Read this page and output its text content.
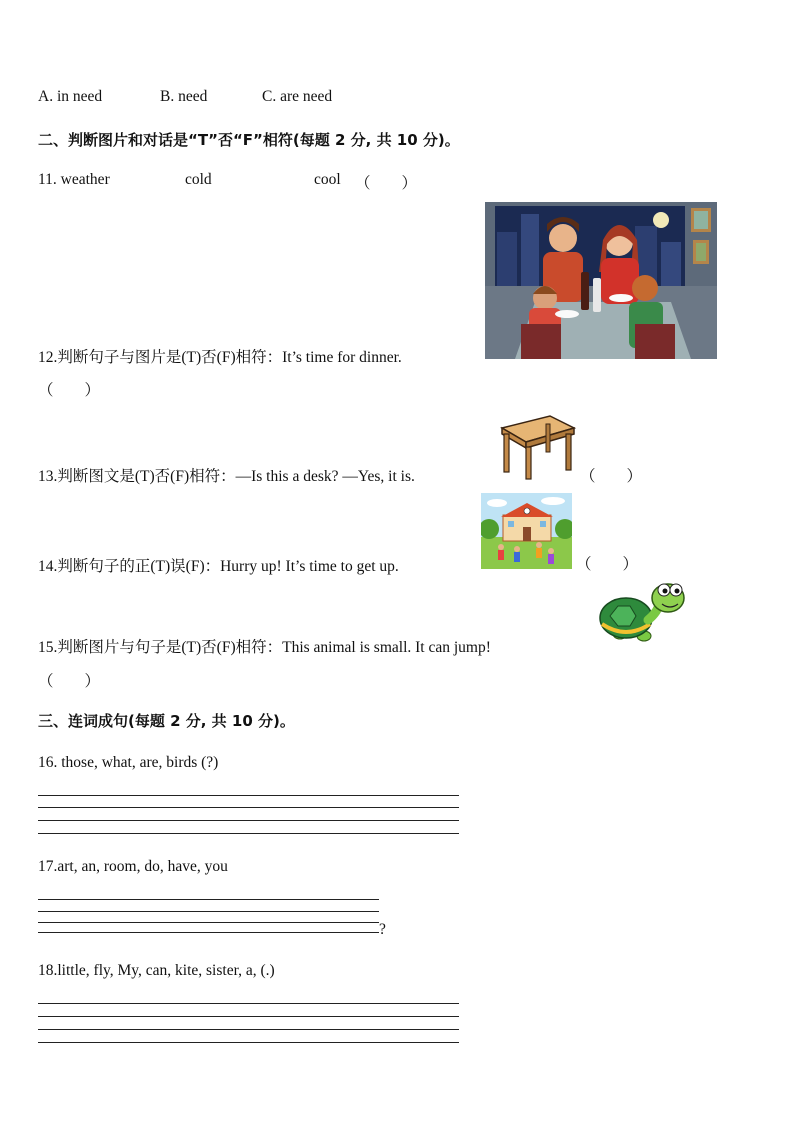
A. in need	B. need	C. are need
二、判断图片和对话是“T”否“F”相符(每题 2 分, 共 10 分)。
11. weather	cold	cool （　　）
12.判断句子与图片是(T)否(F)相符：It’s time for dinner.
（　　）
13.判断图文是(T)否(F)相符：—Is this a desk? —Yes, it is.	（　　）
14.判断句子的正(T)误(F)：Hurry up! It’s time to get up.	（　　）
15.判断图片与句子是(T)否(F)相符：This animal is small. It can jump!
（　　）
三、连词成句(每题 2 分, 共 10 分)。
16. those, what, are, birds (?)
17.art, an, room, do, have, you
?
18.little, fly, My, can, kite, sister, a, (.)
